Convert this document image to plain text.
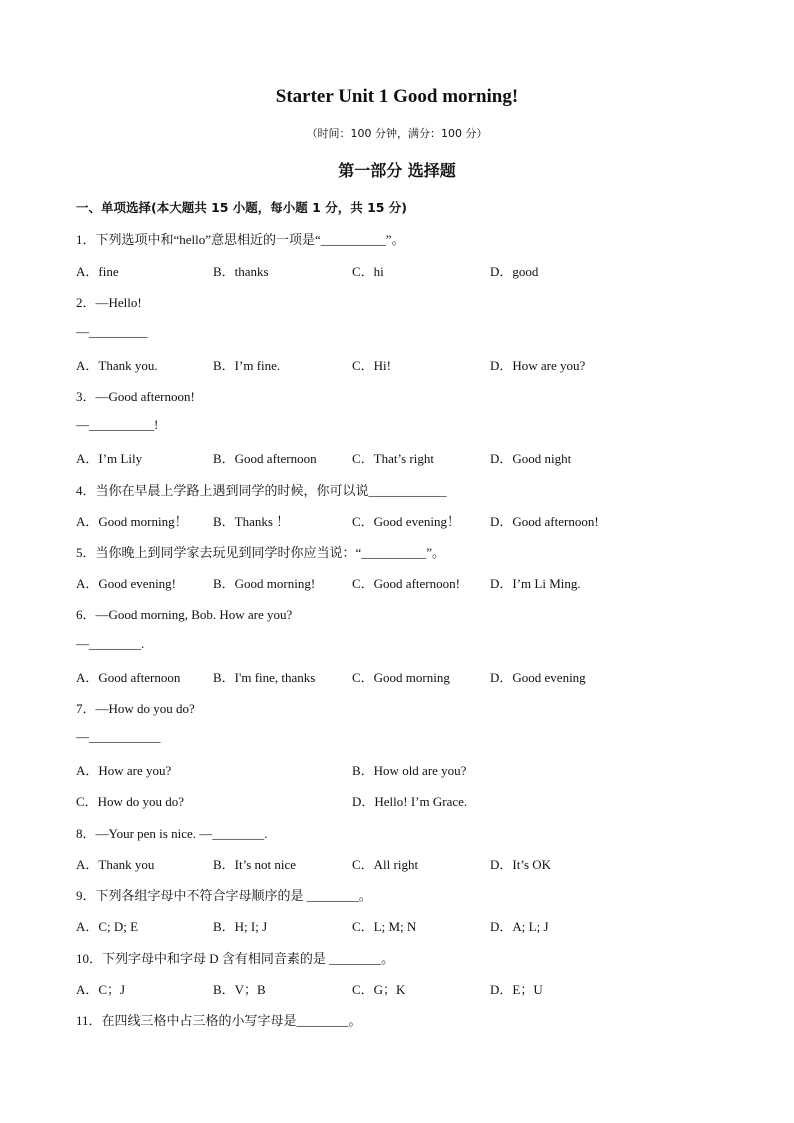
Starter Unit 1 Good morning!
（时间：100 分钟，满分：100 分）
第一部分 选择题
一、单项选择(本大题共 15 小题，每小题 1 分，共 15 分)
1．下列选项中和“hello”意思相近的一项是“__________”。
A．fine	B．thanks	C．hi	D．good
2．—Hello!
—_________
A．Thank you.	B．I’m fine.	C．Hi!	D．How are you?
3．—Good afternoon!
—__________!
A．I’m Lily	B．Good afternoon	C．That’s right	D．Good night
4．当你在早晨上学路上遇到同学的时候，你可以说____________
A．Good morning！ B．Thanks ！	C．Good evening！ D．Good afternoon!
5．当你晚上到同学家去玩见到同学时你应当说：“__________”。
A．Good evening!	B．Good morning!	C．Good afternoon! D．I’m Li Ming.
6．—Good morning, Bob. How are you?
—________.
A．Good afternoon	B．I'm fine, thanks	C．Good morning	D．Good evening
7．—How do you do?
—___________
A．How are you?	B．How old are you?
C．How do you do?	D．Hello! I’m Grace.
8．—Your pen is nice. —________.
A．Thank you	B．It’s not nice	C．All right	D．It’s OK
9．下列各组字母中不符合字母顺序的是 ________。
A．C; D; E	B．H; I; J	C．L; M; N	D．A; L; J
10．下列字母中和字母 D 含有相同音素的是 ________。
A．C；J	B．V；B	C．G；K	D．E；U
11．在四线三格中占三格的小写字母是________。
